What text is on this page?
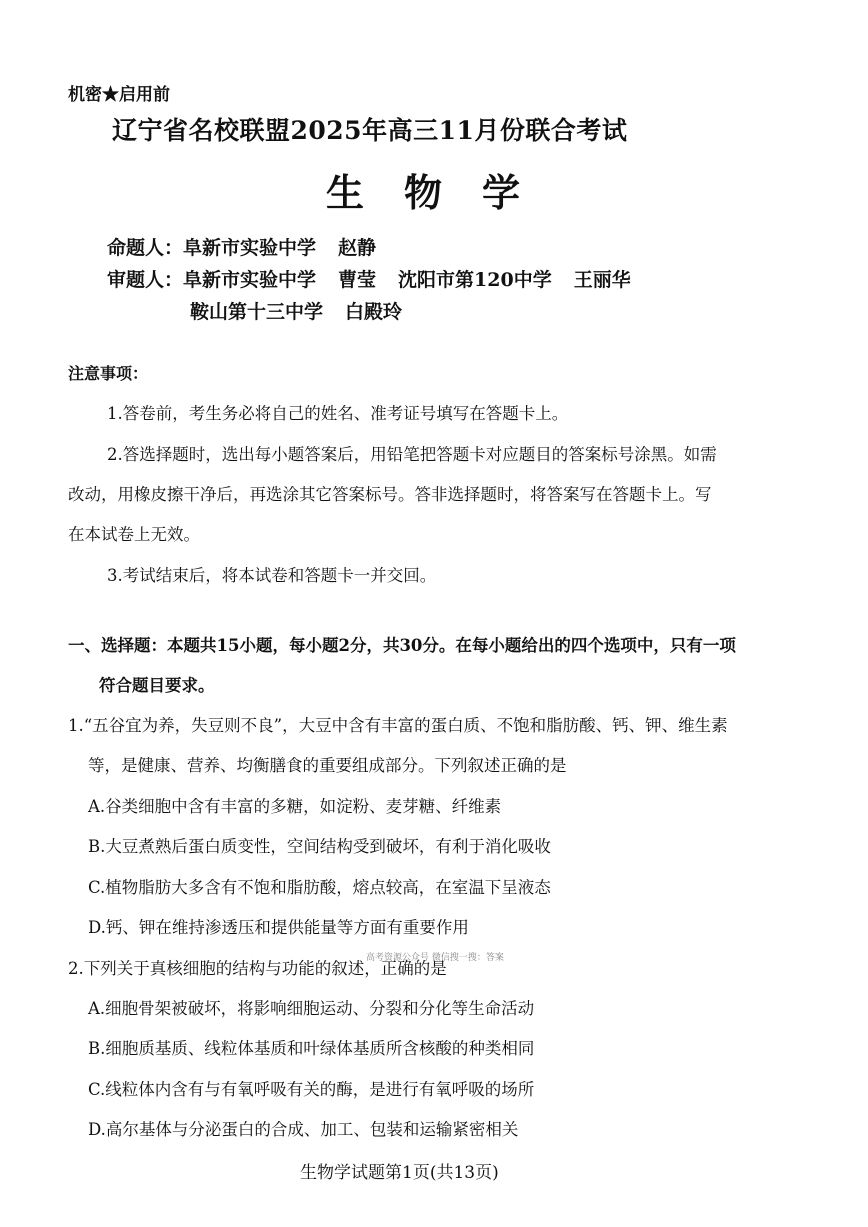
机密★启用前
辽宁省名校联盟2025年高三11月份联合考试
生物学
命题人：阜新市实验中学 赵静
审题人：阜新市实验中学 曹莹 沈阳市第120中学 王丽华
鞍山第十三中学 白殿玲
注意事项：
1.答卷前，考生务必将自己的姓名、准考证号填写在答题卡上。
2.答选择题时，选出每小题答案后，用铅笔把答题卡对应题目的答案标号涂黑。如需
改动，用橡皮擦干净后，再选涂其它答案标号。答非选择题时，将答案写在答题卡上。写
在本试卷上无效。
3.考试结束后，将本试卷和答题卡一并交回。
一、选择题：本题共15小题，每小题2分，共30分。在每小题给出的四个选项中，只有一项
符合题目要求。
1.“五谷宜为养，失豆则不良”，大豆中含有丰富的蛋白质、不饱和脂肪酸、钙、钾、维生素
等，是健康、营养、均衡膳食的重要组成部分。下列叙述正确的是
A.谷类细胞中含有丰富的多糖，如淀粉、麦芽糖、纤维素
B.大豆煮熟后蛋白质变性，空间结构受到破坏，有利于消化吸收
C.植物脂肪大多含有不饱和脂肪酸，熔点较高，在室温下呈液态
D.钙、钾在维持渗透压和提供能量等方面有重要作用
高考资源公众号 微信搜一搜：答案
2.下列关于真核细胞的结构与功能的叙述，正确的是
A.细胞骨架被破坏，将影响细胞运动、分裂和分化等生命活动
B.细胞质基质、线粒体基质和叶绿体基质所含核酸的种类相同
C.线粒体内含有与有氧呼吸有关的酶，是进行有氧呼吸的场所
D.高尔基体与分泌蛋白的合成、加工、包装和运输紧密相关
生物学试题第1页(共13页)
